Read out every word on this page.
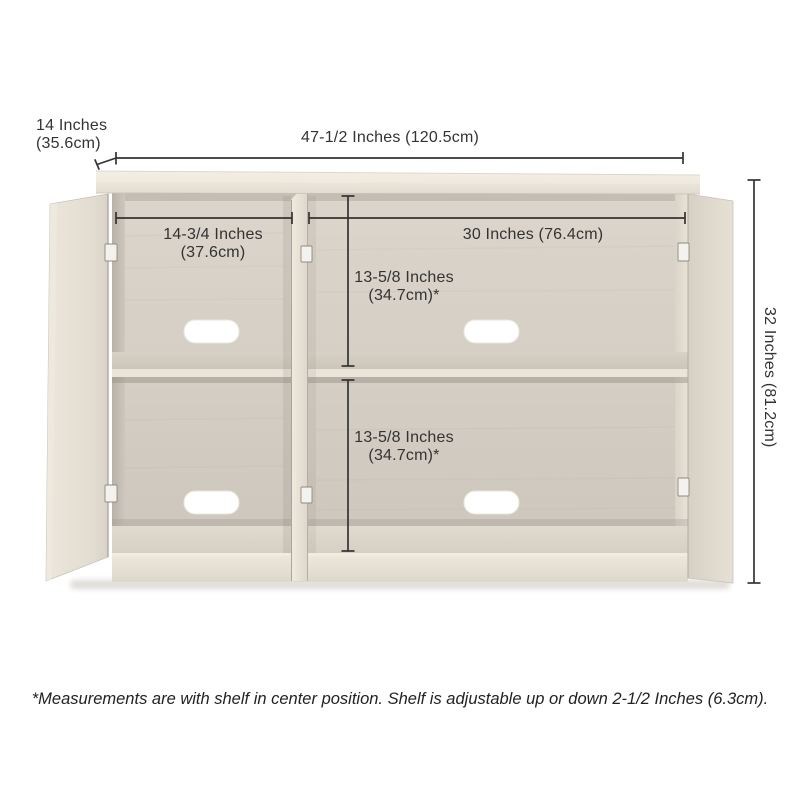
14 Inches
(35.6cm)	47-1/2 Inches (120.5cm)
32 Inches (81.2cm)
14-3/4 Inches
(37.6cm)
30 Inches (76.4cm)
13-5/8 Inches
(34.7cm)*
13-5/8 Inches
(34.7cm)*
*Measurements are with shelf in center position. Shelf is adjustable up or down 2-1/2 Inches (6.3cm).
